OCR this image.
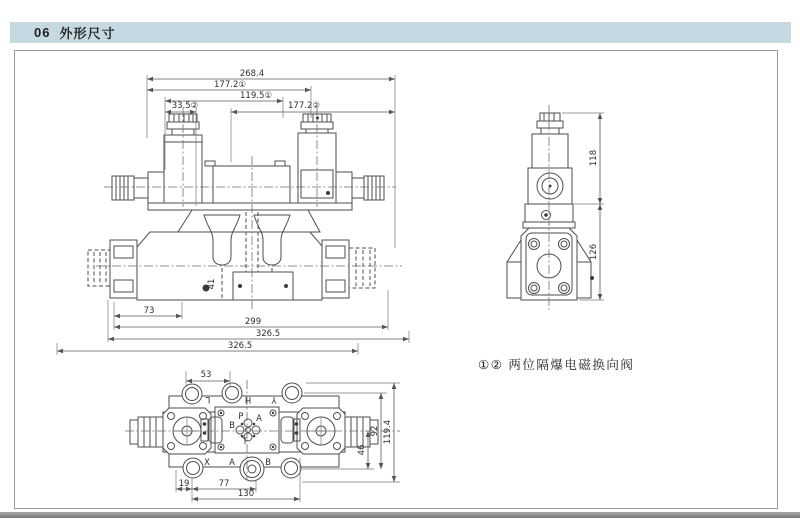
06 外形尺寸
268.4
177.2①
119.5①
33.5②	177.2②
41
73
299
326.5
326.5
118
126
L	H Y
X A	B
P A
B
T
53
46
92 119.4
19	77
130
①② 两位隔爆电磁换向阀
